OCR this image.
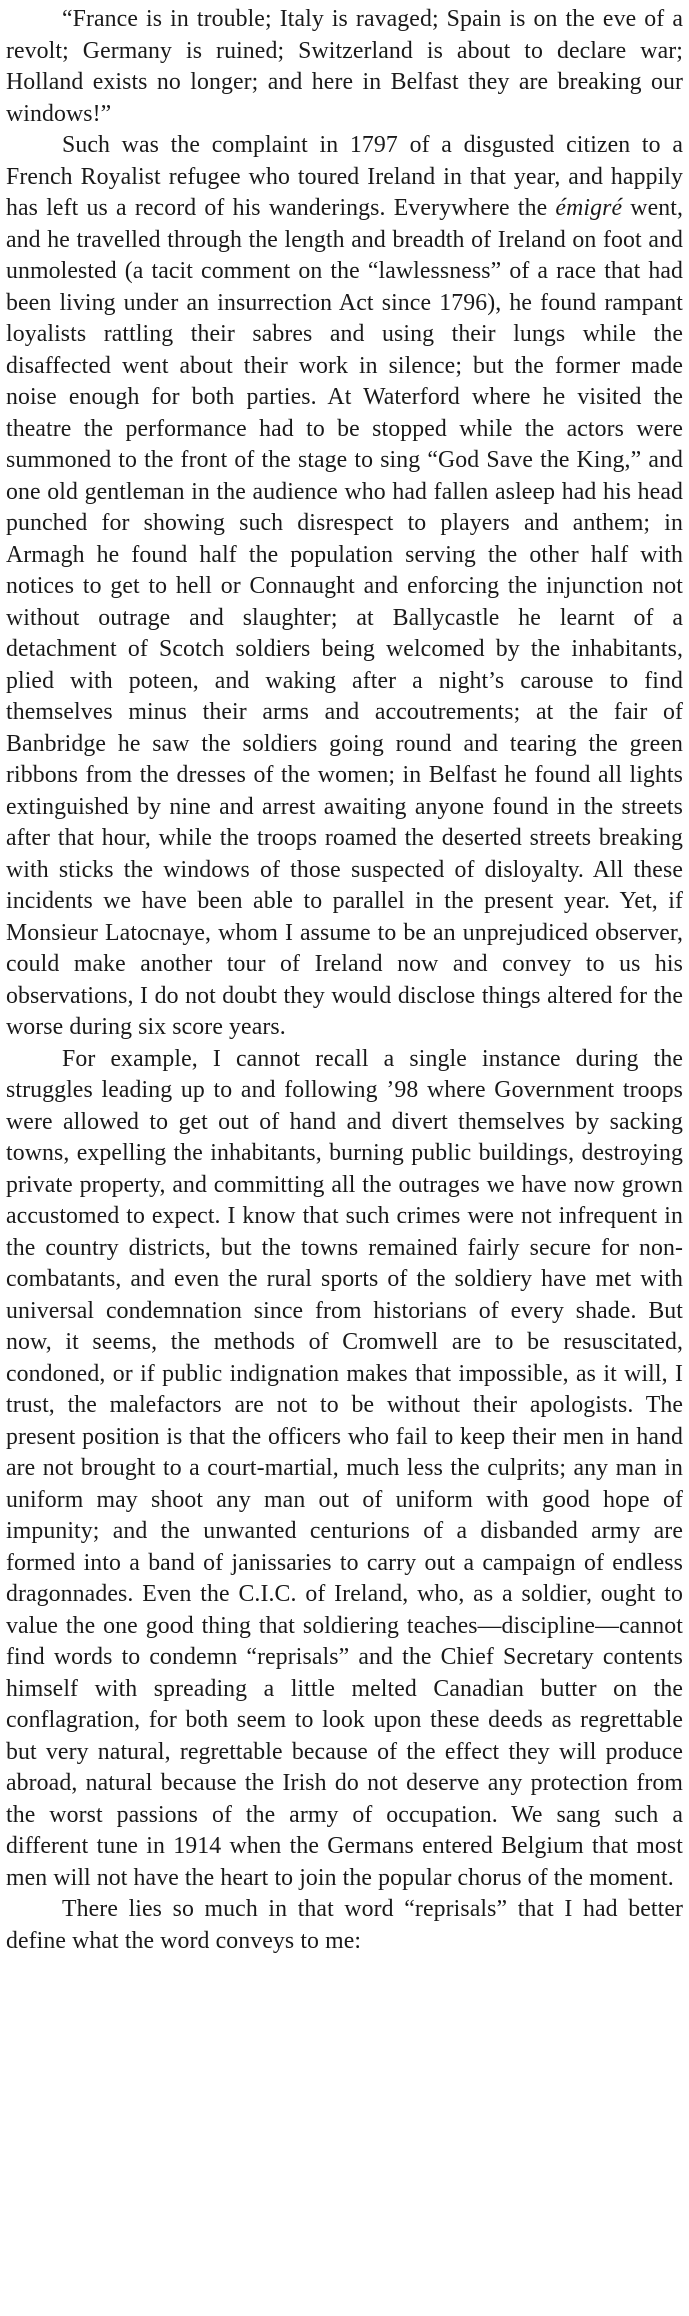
“France is in trouble; Italy is ravaged; Spain is on the eve of a revolt; Germany is ruined; Switzerland is about to declare war; Holland exists no longer; and here in Belfast they are breaking our windows!”

Such was the complaint in 1797 of a disgusted citizen to a French Royalist refugee who toured Ireland in that year, and happily has left us a record of his wanderings. Everywhere the émigré went, and he travelled through the length and breadth of Ireland on foot and unmolested (a tacit comment on the “lawlessness” of a race that had been living under an insurrection Act since 1796), he found rampant loyalists rattling their sabres and using their lungs while the disaffected went about their work in silence; but the former made noise enough for both parties. At Waterford where he visited the theatre the performance had to be stopped while the actors were summoned to the front of the stage to sing “God Save the King,” and one old gentleman in the audience who had fallen asleep had his head punched for showing such disrespect to players and anthem; in Armagh he found half the population serving the other half with notices to get to hell or Connaught and enforcing the injunction not without outrage and slaughter; at Ballycastle he learnt of a detachment of Scotch soldiers being welcomed by the inhabitants, plied with poteen, and waking after a night’s carouse to find themselves minus their arms and accoutrements; at the fair of Banbridge he saw the soldiers going round and tearing the green ribbons from the dresses of the women; in Belfast he found all lights extinguished by nine and arrest awaiting anyone found in the streets after that hour, while the troops roamed the deserted streets breaking with sticks the windows of those suspected of disloyalty. All these incidents we have been able to parallel in the present year. Yet, if Monsieur Latocnaye, whom I assume to be an unprejudiced observer, could make another tour of Ireland now and convey to us his observations, I do not doubt they would disclose things altered for the worse during six score years.

For example, I cannot recall a single instance during the struggles leading up to and following ’98 where Government troops were allowed to get out of hand and divert themselves by sacking towns, expelling the inhabitants, burning public buildings, destroying private property, and committing all the outrages we have now grown accustomed to expect. I know that such crimes were not infrequent in the country districts, but the towns remained fairly secure for non-combatants, and even the rural sports of the soldiery have met with universal condemnation since from historians of every shade. But now, it seems, the methods of Cromwell are to be resuscitated, condoned, or if public indignation makes that impossible, as it will, I trust, the malefactors are not to be without their apologists. The present position is that the officers who fail to keep their men in hand are not brought to a court-martial, much less the culprits; any man in uniform may shoot any man out of uniform with good hope of impunity; and the unwanted centurions of a disbanded army are formed into a band of janissaries to carry out a campaign of endless dragonnades. Even the C.I.C. of Ireland, who, as a soldier, ought to value the one good thing that soldiering teaches—discipline—cannot find words to condemn “reprisals” and the Chief Secretary contents himself with spreading a little melted Canadian butter on the conflagration, for both seem to look upon these deeds as regrettable but very natural, regrettable because of the effect they will produce abroad, natural because the Irish do not deserve any protection from the worst passions of the army of occupation. We sang such a different tune in 1914 when the Germans entered Belgium that most men will not have the heart to join the popular chorus of the moment.

There lies so much in that word “reprisals” that I had better define what the word conveys to me:
